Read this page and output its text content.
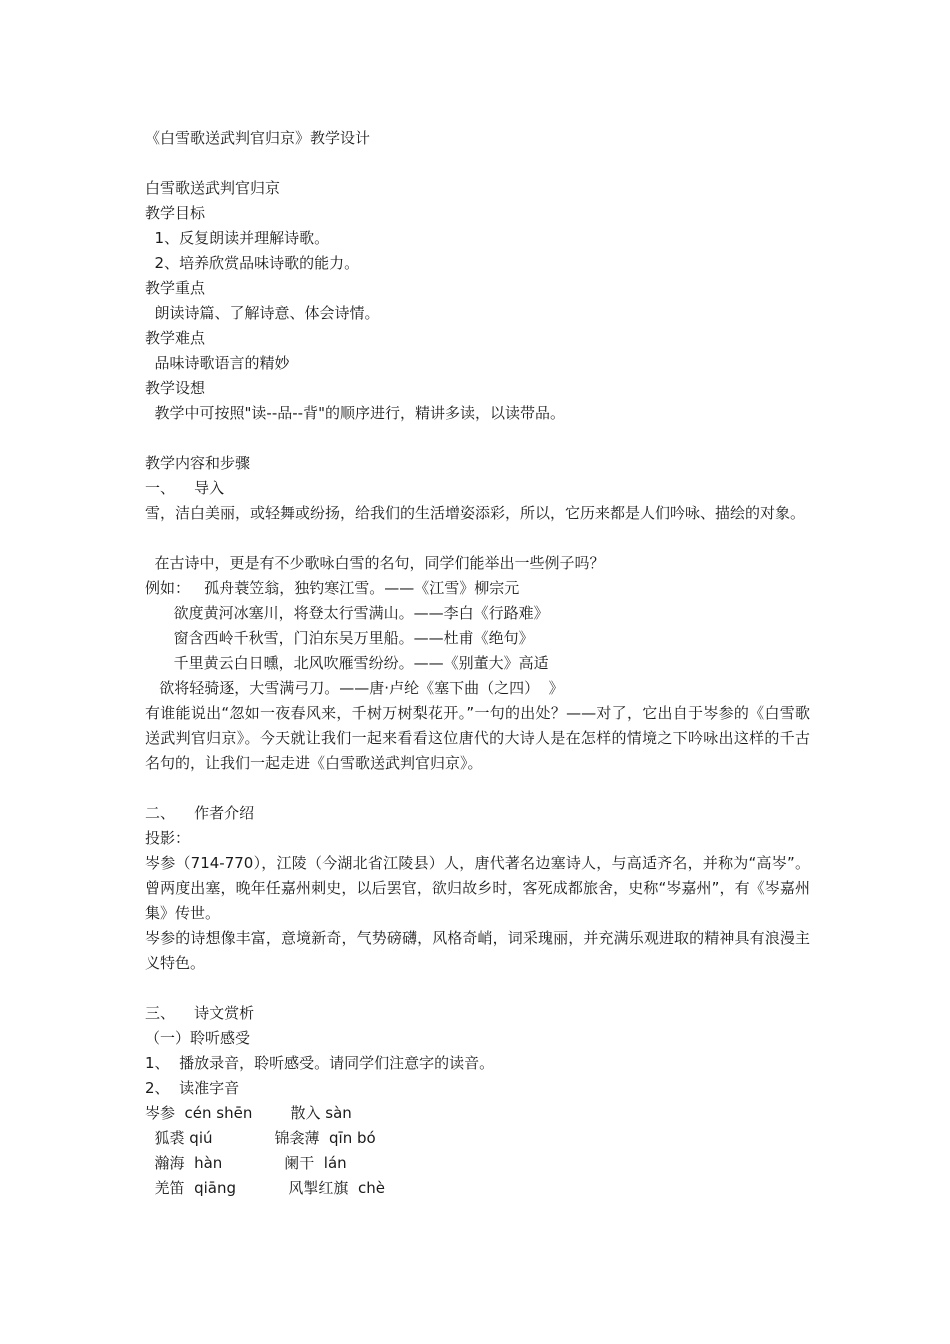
《白雪歌送武判官归京》教学设计
白雪歌送武判官归京
教学目标
1、反复朗读并理解诗歌。
2、培养欣赏品味诗歌的能力。
教学重点
朗读诗篇、了解诗意、体会诗情。
教学难点
品味诗歌语言的精妙
教学设想
教学中可按照"读--品--背"的顺序进行，精讲多读，以读带品。
教学内容和步骤
一、    导入
雪，洁白美丽，或轻舞或纷扬，给我们的生活增姿添彩，所以，它历来都是人们吟咏、描绘的对象。
在古诗中，更是有不少歌咏白雪的名句，同学们能举出一些例子吗？
例如：   孤舟蓑笠翁，独钓寒江雪。——《江雪》柳宗元
欲度黄河冰塞川，将登太行雪满山。——李白《行路难》
窗含西岭千秋雪，门泊东吴万里船。——杜甫《绝句》
千里黄云白日曛，北风吹雁雪纷纷。——《别董大》高适
欲将轻骑逐，大雪满弓刀。——唐·卢纶《塞下曲（之四）  》
有谁能说出“忽如一夜春风来，千树万树梨花开。”一句的出处？——对了，它出自于岑参的《白雪歌送武判官归京》。今天就让我们一起来看看这位唐代的大诗人是在怎样的情境之下吟咏出这样的千古名句的，让我们一起走进《白雪歌送武判官归京》。
二、    作者介绍
投影：
岑参（714-770），江陵（今湖北省江陵县）人，唐代著名边塞诗人，与高适齐名，并称为“高岑”。曾两度出塞，晚年任嘉州刺史，以后罢官，欲归故乡时，客死成都旅舍，史称“岑嘉州”，有《岑嘉州集》传世。
岑参的诗想像丰富，意境新奇，气势磅礴，风格奇峭，词采瑰丽，并充满乐观进取的精神具有浪漫主义特色。
三、    诗文赏析
（一）聆听感受
1、  播放录音，聆听感受。请同学们注意字的读音。
2、  读准字音
岑参  cén shēn        散入 sàn
狐裘 qiú             锦衾薄  qīn bó
瀚海  hàn             阑干  lán
羌笛  qiāng           风掣红旗  chè
